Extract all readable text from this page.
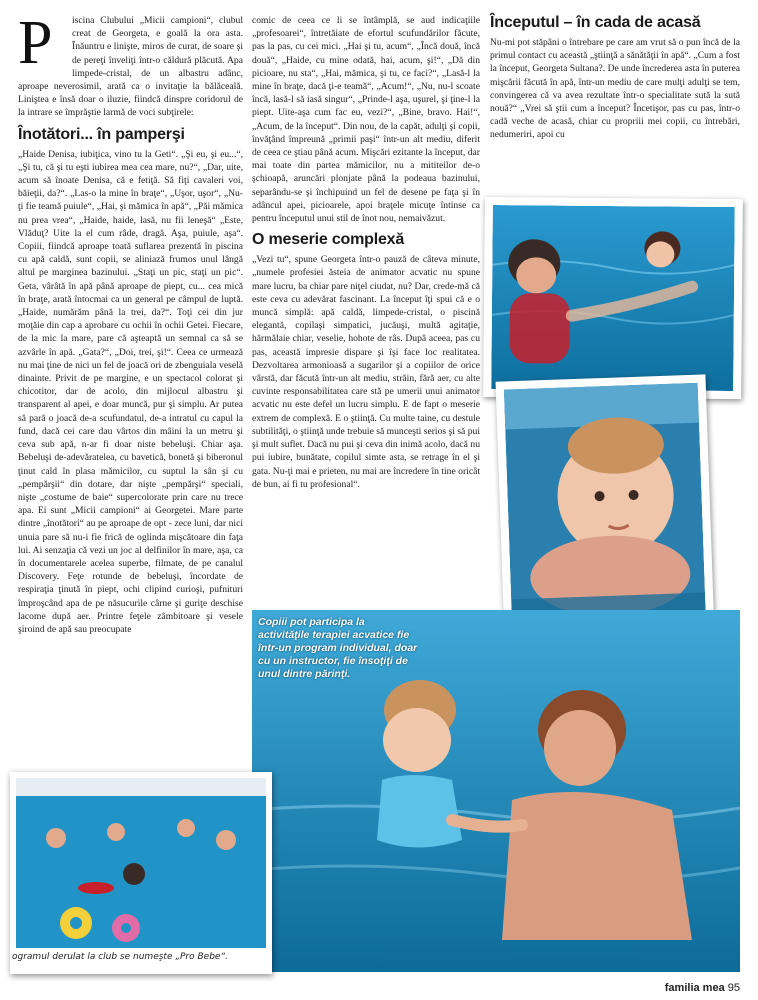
P	iscina Clubului „Micii campioni“, clubul creat de Georgeta, e goală la ora asta. Înăuntru e linişte, miros de curat, de soare şi de pereţi înveliţi într-o căldură plăcută. Apa limpede-cristal, de un albastru adânc, aproape neverosimil, arată ca o invitaţie la bălăceală. Liniştea e însă doar o iluzie, fiindcă dinspre coridorul de la intrare se împrăştie larmă de voci subţirele:

Înotători... în pamperşi

„Haide Denisa, iubiţica, vino tu la Geti“. „Şi eu, şi eu...“, „Şi tu, că şi tu eşti iubirea mea cea mare, nu?“, „Dar, uite, acum să înoate Denisa, că e fetiţă. Să fiţi cavaleri voi, băieţii, da?“. „Las-o la mine în braţe“, „Uşor, uşor“, „Nu-ţi fie teamă puiule“, „Hai, şi mămica în apă“, „Păi mămica nu prea vrea“, „Haide, haide, lasă, nu fii leneşă“ „Este, Vlăduţ? Uite la el cum râde, dragă. Aşa, puiule, aşa“. Copiii, fiindcă aproape toată suflarea prezentă în piscina cu apă caldă, sunt copii, se aliniază frumos unul lângă altul pe marginea bazinului. „Staţi un pic, staţi un pic“. Geta, vârâtă în apă până aproape de piept, cu... cea mică în braţe, arată întocmai ca un general pe câmpul de luptă. „Haide, numărăm până la trei, da?“. Toţi cei din jur moţăie din cap a aprobare cu ochii în ochii Getei. Fiecare, de la mic la mare, pare că aşteaptă un semnal ca să se azvârle în apă. „Gata?“, „Doi, trei, şi!“. Ceea ce urmează nu mai ţine de nici un fel de joacă ori de zbenguiala veselă dinainte. Privit de pe margine, e un spectacol colorat şi chicotitor, dar de acolo, din mijlocul albastru şi transparent al apei, e doar muncă, pur şi simplu. Ar putea să pară o joacă de-a scufundatul, de-a intratul cu capul la fund, dacă cei care dau vârtos din mâini la un metru şi ceva sub apă, n-ar fi doar niste bebeluşi. Chiar aşa. Bebeluşi de-adevăratelea, cu bavetică, bonetă şi biberonul ţinut cald în plasa mămicilor, cu suptul la sân şi cu „pempărşii“ din dotare, dar nişte „pempărşi“ speciali, nişte „costume de baie“ supercolorate prin care nu trece apa. Ei sunt „Micii campioni“ ai Georgetei. Mare parte dintre „înotători“ au pe aproape de opt - zece luni, dar nici unuia pare să nu-i fie frică de oglinda mişcătoare din faţa lui. Ai senzaţia că vezi un joc al delfinilor în mare, aşa, ca în documentarele acelea superbe, filmate, de pe canalul Discovery. Feţe rotunde de bebeluşi, încordate de respiraţia ţinută în piept, ochi clipind curioşi, pufnituri împroşcând apa de pe năsucurile cârne şi guriţe deschise lacome după aer. Printre feţele zâmbitoare şi vesele şiroind de apă sau preocupate

comic de ceea ce li se întâmplă, se aud indicaţiile „profesoarei“, întretăiate de efortul scufundărilor făcute, pas la pas, cu cei mici. „Hai şi tu, acum“, „Încă două, încă două“, „Haide, cu mine odată, hai, acum, şi!“, „Dă din picioare, nu sta“, „Hai, mămica, şi tu, ce faci?“, „Lasă-l la mine în braţe, dacă ţi-e teamă“, „Acum!“, „Nu, nu-l scoate încă, lasă-l să iasă singur“, „Prinde-l aşa, uşurel, şi ţine-l la piept. Uite-aşa cum fac eu, vezi?“, „Bine, bravo. Hai!“, „Acum, de la început“. Din nou, de la capăt, adulţi şi copii, învăţând împreună „primii paşi“ într-un alt mediu, diferit de ceea ce ştiau până acum. Mişcări ezitante la început, dar mai toate din partea mămicilor, nu a mititeilor de-o şchioapă, aruncări plonjate până la podeaua bazinului, separându-se şi închipuind un fel de desene pe faţa şi în adâncul apei, picioarele, apoi braţele micuţe întinse ca pentru începutul unui stil de înot nou, nemaivăzut.

O meserie complexă

„Vezi tu“, spune Georgeta într-o pauză de câteva minute, „numele profesiei ăsteia de animator acvatic nu spune mare lucru, ba chiar pare niţel ciudat, nu? Dar, crede-mă că este ceva cu adevărat fascinant. La început îţi spui că e o muncă simplă: apă caldă, limpede-cristal, o piscină elegantă, copilaşi simpatici, jucăuşi, multă agitaţie, hărmălaie chiar, veselie, hohote de râs. După aceea, pas cu pas, această impresie dispare şi îşi face loc realitatea. Dezvoltarea armonioasă a sugarilor şi a copiilor de orice vârstă, dar făcută într-un alt mediu, străin, fără aer, cu alte cuvinte responsabilitatea care stă pe umerii unui animator acvatic nu este defel un lucru simplu. E de fapt o meserie extrem de complexă. E o ştiinţă. Cu multe taine, cu destule subtilităţi, o ştiinţă unde trebuie să munceşti serios şi să pui şi mult suflet. Dacă nu pui şi ceva din inimă acolo, dacă nu pui iubire, bunătate, copilul simte asta, se retrage în el şi gata. Nu-ţi mai e prieten, nu mai are încredere în tine oricât de bun, ai fi tu profesional“.

Începutul – în cada de acasă

Nu-mi pot stăpâni o întrebare pe care am vrut să o pun încă de la primul contact cu această „ştiinţă a sănătăţii în apă“. „Cum a fost la început, Georgeta Sultana?. De unde încrederea asta în puterea mişcării făcută în apă, într-un mediu de care mulţi adulţi se tem, convingerea că va avea rezultate într-o specialitate sută la sută nouă?“ „Vrei să ştii cum a început? Încetişor, pas cu pas, într-o cadă veche de acasă, chiar cu propriii mei copii, cu întrebări, nedumeriri, apoi cu

Copiii pot participa la activităţile terapiei acvatice fie într-un program individual, doar cu un instructor, fie însoţiţi de unul dintre părinţi.
ogramul derulat la club se numeşte „Pro Bebe“.
familia mea 95
